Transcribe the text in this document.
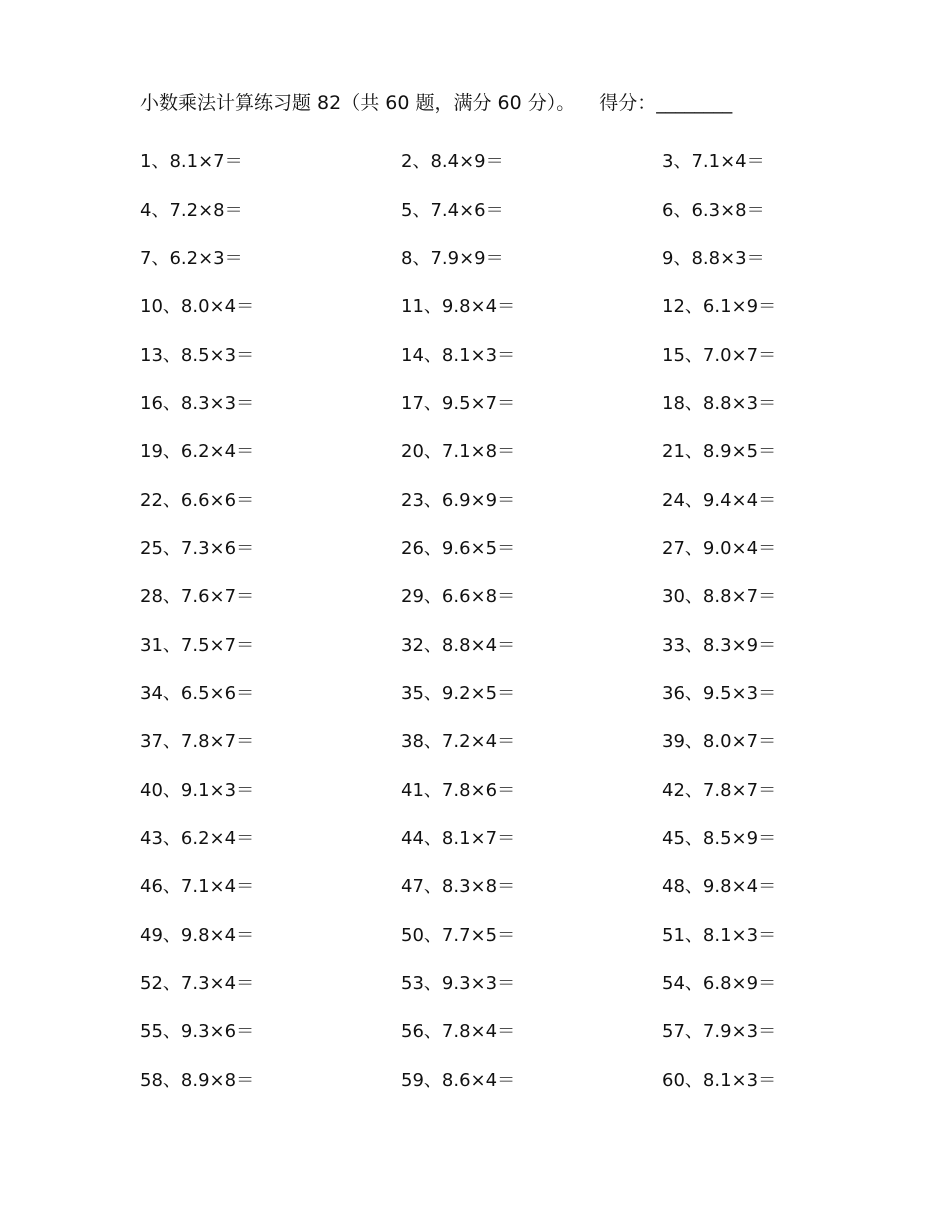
小数乘法计算练习题 82（共 60 题，满分 60 分）。 得分：________
1、8.1×7＝	2、8.4×9＝	3、7.1×4＝
4、7.2×8＝	5、7.4×6＝	6、6.3×8＝
7、6.2×3＝	8、7.9×9＝	9、8.8×3＝
10、8.0×4＝	11、9.8×4＝	12、6.1×9＝
13、8.5×3＝	14、8.1×3＝	15、7.0×7＝
16、8.3×3＝	17、9.5×7＝	18、8.8×3＝
19、6.2×4＝	20、7.1×8＝	21、8.9×5＝
22、6.6×6＝	23、6.9×9＝	24、9.4×4＝
25、7.3×6＝	26、9.6×5＝	27、9.0×4＝
28、7.6×7＝	29、6.6×8＝	30、8.8×7＝
31、7.5×7＝	32、8.8×4＝	33、8.3×9＝
34、6.5×6＝	35、9.2×5＝	36、9.5×3＝
37、7.8×7＝	38、7.2×4＝	39、8.0×7＝
40、9.1×3＝	41、7.8×6＝	42、7.8×7＝
43、6.2×4＝	44、8.1×7＝	45、8.5×9＝
46、7.1×4＝	47、8.3×8＝	48、9.8×4＝
49、9.8×4＝	50、7.7×5＝	51、8.1×3＝
52、7.3×4＝	53、9.3×3＝	54、6.8×9＝
55、9.3×6＝	56、7.8×4＝	57、7.9×3＝
58、8.9×8＝	59、8.6×4＝	60、8.1×3＝
